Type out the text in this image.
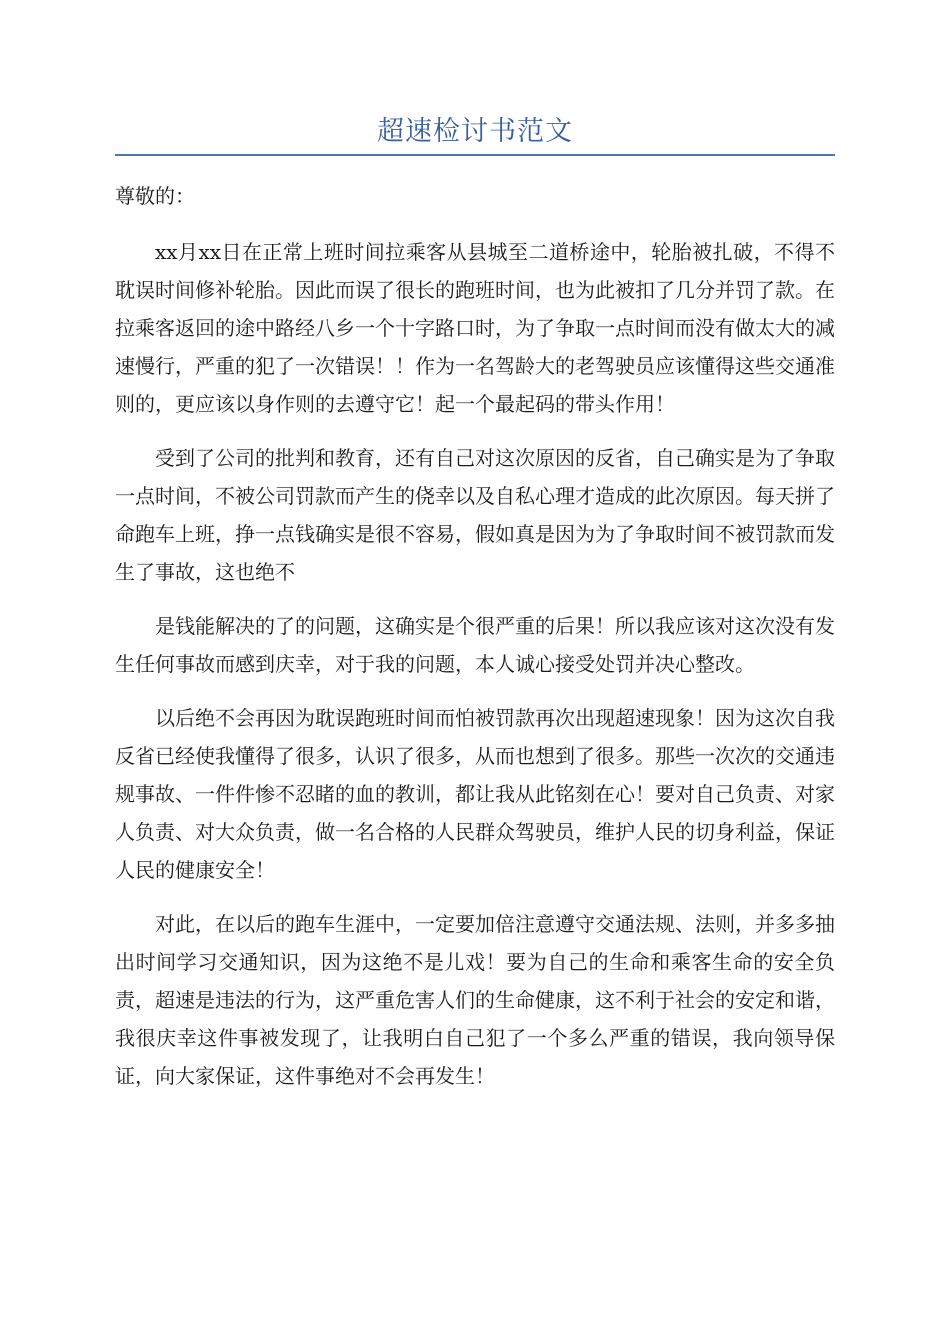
超速检讨书范文

尊敬的：

xx月xx日在正常上班时间拉乘客从县城至二道桥途中，轮胎被扎破，不得不耽误时间修补轮胎。因此而误了很长的跑班时间，也为此被扣了几分并罚了款。在拉乘客返回的途中路经八乡一个十字路口时，为了争取一点时间而没有做太大的减速慢行，严重的犯了一次错误！！作为一名驾龄大的老驾驶员应该懂得这些交通准则的，更应该以身作则的去遵守它！起一个最起码的带头作用！

受到了公司的批判和教育，还有自己对这次原因的反省，自己确实是为了争取一点时间，不被公司罚款而产生的侥幸以及自私心理才造成的此次原因。每天拼了命跑车上班，挣一点钱确实是很不容易，假如真是因为为了争取时间不被罚款而发生了事故，这也绝不

是钱能解决的了的问题，这确实是个很严重的后果！所以我应该对这次没有发生任何事故而感到庆幸，对于我的问题，本人诚心接受处罚并决心整改。

以后绝不会再因为耽误跑班时间而怕被罚款再次出现超速现象！因为这次自我反省已经使我懂得了很多，认识了很多，从而也想到了很多。那些一次次的交通违规事故、一件件惨不忍睹的血的教训，都让我从此铭刻在心！要对自己负责、对家人负责、对大众负责，做一名合格的人民群众驾驶员，维护人民的切身利益，保证人民的健康安全！

对此，在以后的跑车生涯中，一定要加倍注意遵守交通法规、法则，并多多抽出时间学习交通知识，因为这绝不是儿戏！要为自己的生命和乘客生命的安全负责，超速是违法的行为，这严重危害人们的生命健康，这不利于社会的安定和谐，我很庆幸这件事被发现了，让我明白自己犯了一个多么严重的错误，我向领导保证，向大家保证，这件事绝对不会再发生！
